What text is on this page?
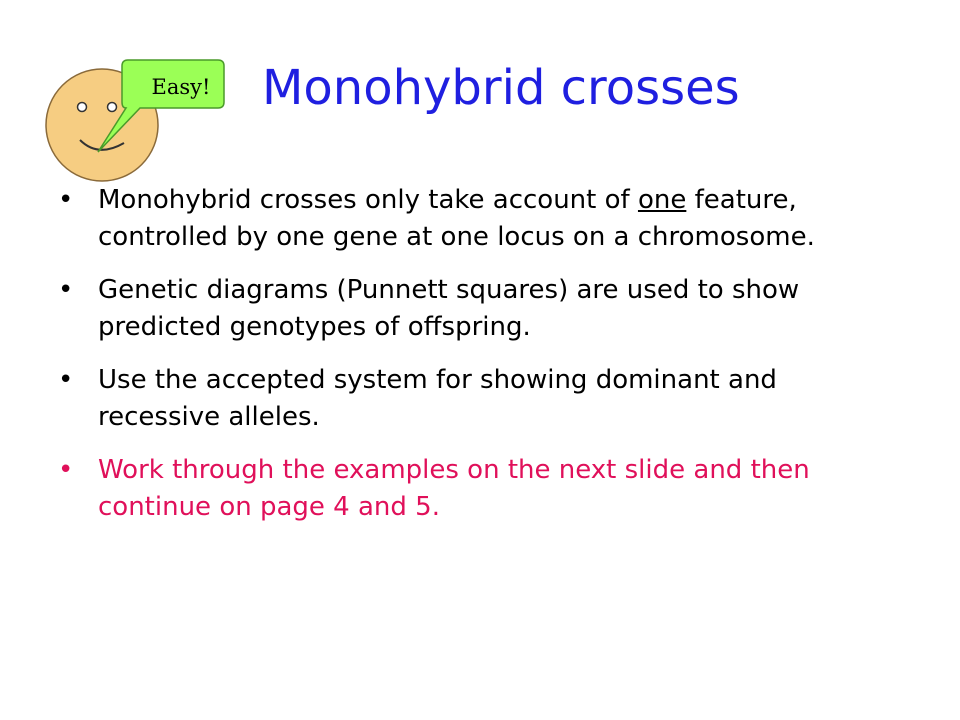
Easy!	Monohybrid crosses
• Monohybrid crosses only take account of one feature, controlled by one gene at one locus on a chromosome.
• Genetic diagrams (Punnett squares) are used to show predicted genotypes of offspring.
• Use the accepted system for showing dominant and recessive alleles.
• Work through the examples on the next slide and then continue on page 4 and 5.
